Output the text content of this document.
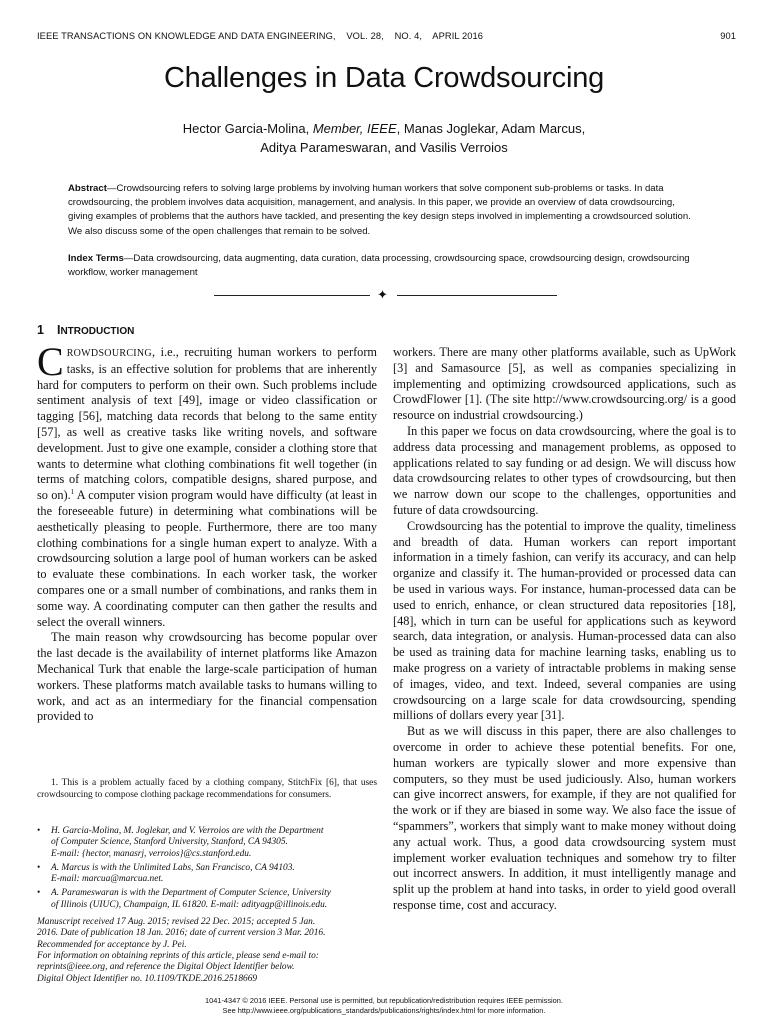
IEEE TRANSACTIONS ON KNOWLEDGE AND DATA ENGINEERING, VOL. 28, NO. 4, APRIL 2016	901
Challenges in Data Crowdsourcing
Hector Garcia-Molina, Member, IEEE, Manas Joglekar, Adam Marcus,
Aditya Parameswaran, and Vasilis Verroios
Abstract—Crowdsourcing refers to solving large problems by involving human workers that solve component sub-problems or tasks. In data crowdsourcing, the problem involves data acquisition, management, and analysis. In this paper, we provide an overview of data crowdsourcing, giving examples of problems that the authors have tackled, and presenting the key design steps involved in implementing a crowdsourced solution. We also discuss some of the open challenges that remain to be solved.
Index Terms—Data crowdsourcing, data augmenting, data curation, data processing, crowdsourcing space, crowdsourcing design, crowdsourcing workflow, worker management
✦
1 INTRODUCTION

CROWDSOURCING, i.e., recruiting human workers to perform tasks, is an effective solution for problems that are inherently hard for computers to perform on their own. Such problems include sentiment analysis of text [49], image or video classification or tagging [56], matching data records that belong to the same entity [57], as well as creative tasks like writing novels, and software development. Just to give one example, consider a clothing store that wants to determine what clothing combinations fit well together (in terms of matching colors, compatible designs, shared purpose, and so on).$^1$ A computer vision program would have difficulty (at least in the foreseeable future) in determining what combinations will be aesthetically pleasing to people. Furthermore, there are too many clothing combinations for a single human expert to analyze. With a crowdsourcing solution a large pool of human workers can be asked to evaluate these combinations. In each worker task, the worker compares one or a small number of combinations, and ranks them in some way. A coordinating computer can then gather the results and select the overall winners.

The main reason why crowdsourcing has become popular over the last decade is the availability of internet platforms like Amazon Mechanical Turk that enable the large-scale participation of human workers. These platforms match available tasks to humans willing to work, and act as an intermediary for the financial compensation provided to

1. This is a problem actually faced by a clothing company, StitchFix [6], that uses crowdsourcing to compose clothing package recommendations for consumers.

• H. Garcia-Molina, M. Joglekar, and V. Verroios are with the Department
of Computer Science, Stanford University, Stanford, CA 94305.
E-mail: {hector, manasrj, verroios}@cs.stanford.edu.
• A. Marcus is with the Unlimited Labs, San Francisco, CA 94103.
E-mail: marcua@marcua.net.
• A. Parameswaran is with the Department of Computer Science, University
of Illinois (UIUC), Champaign, IL 61820. E-mail: adityagp@illinois.edu.
Manuscript received 17 Aug. 2015; revised 22 Dec. 2015; accepted 5 Jan.
2016. Date of publication 18 Jan. 2016; date of current version 3 Mar. 2016.
Recommended for acceptance by J. Pei.
For information on obtaining reprints of this article, please send e-mail to:
reprints@ieee.org, and reference the Digital Object Identifier below.
Digital Object Identifier no. 10.1109/TKDE.2016.2518669

workers. There are many other platforms available, such as UpWork [3] and Samasource [5], as well as companies specializing in implementing and optimizing crowdsourced applications, such as CrowdFlower [1]. (The site http://www.crowdsourcing.org/ is a good resource on industrial crowdsourcing.)

In this paper we focus on data crowdsourcing, where the goal is to address data processing and management problems, as opposed to applications related to say funding or ad design. We will discuss how data crowdsourcing relates to other types of crowdsourcing, but then we narrow down our scope to the challenges, opportunities and future of data crowdsourcing.

Crowdsourcing has the potential to improve the quality, timeliness and breadth of data. Human workers can report important information in a timely fashion, can verify its accuracy, and can help organize and classify it. The human-provided or processed data can be used in various ways. For instance, human-processed data can be used to enrich, enhance, or clean structured data repositories [18], [48], which in turn can be useful for applications such as keyword search, data integration, or analysis. Human-processed data can also be used as training data for machine learning tasks, enabling us to make progress on a variety of intractable problems in making sense of images, video, and text. Indeed, several companies are using crowdsourcing on a large scale for data crowdsourcing, spending millions of dollars every year [31].

But as we will discuss in this paper, there are also challenges to overcome in order to achieve these potential benefits. For one, human workers are typically slower and more expensive than computers, so they must be used judiciously. Also, human workers can give incorrect answers, for example, if they are not qualified for the work or if they are biased in some way. We also face the issue of “spammers”, workers that simply want to make money without doing any actual work. Thus, a good data crowdsourcing system must implement worker evaluation techniques and somehow try to filter out incorrect answers. In addition, it must intelligently manage and split up the problem at hand into tasks, in order to yield good overall response time, cost and accuracy.

1041-4347 © 2016 IEEE. Personal use is permitted, but republication/redistribution requires IEEE permission.
See http://www.ieee.org/publications_standards/publications/rights/index.html for more information.
